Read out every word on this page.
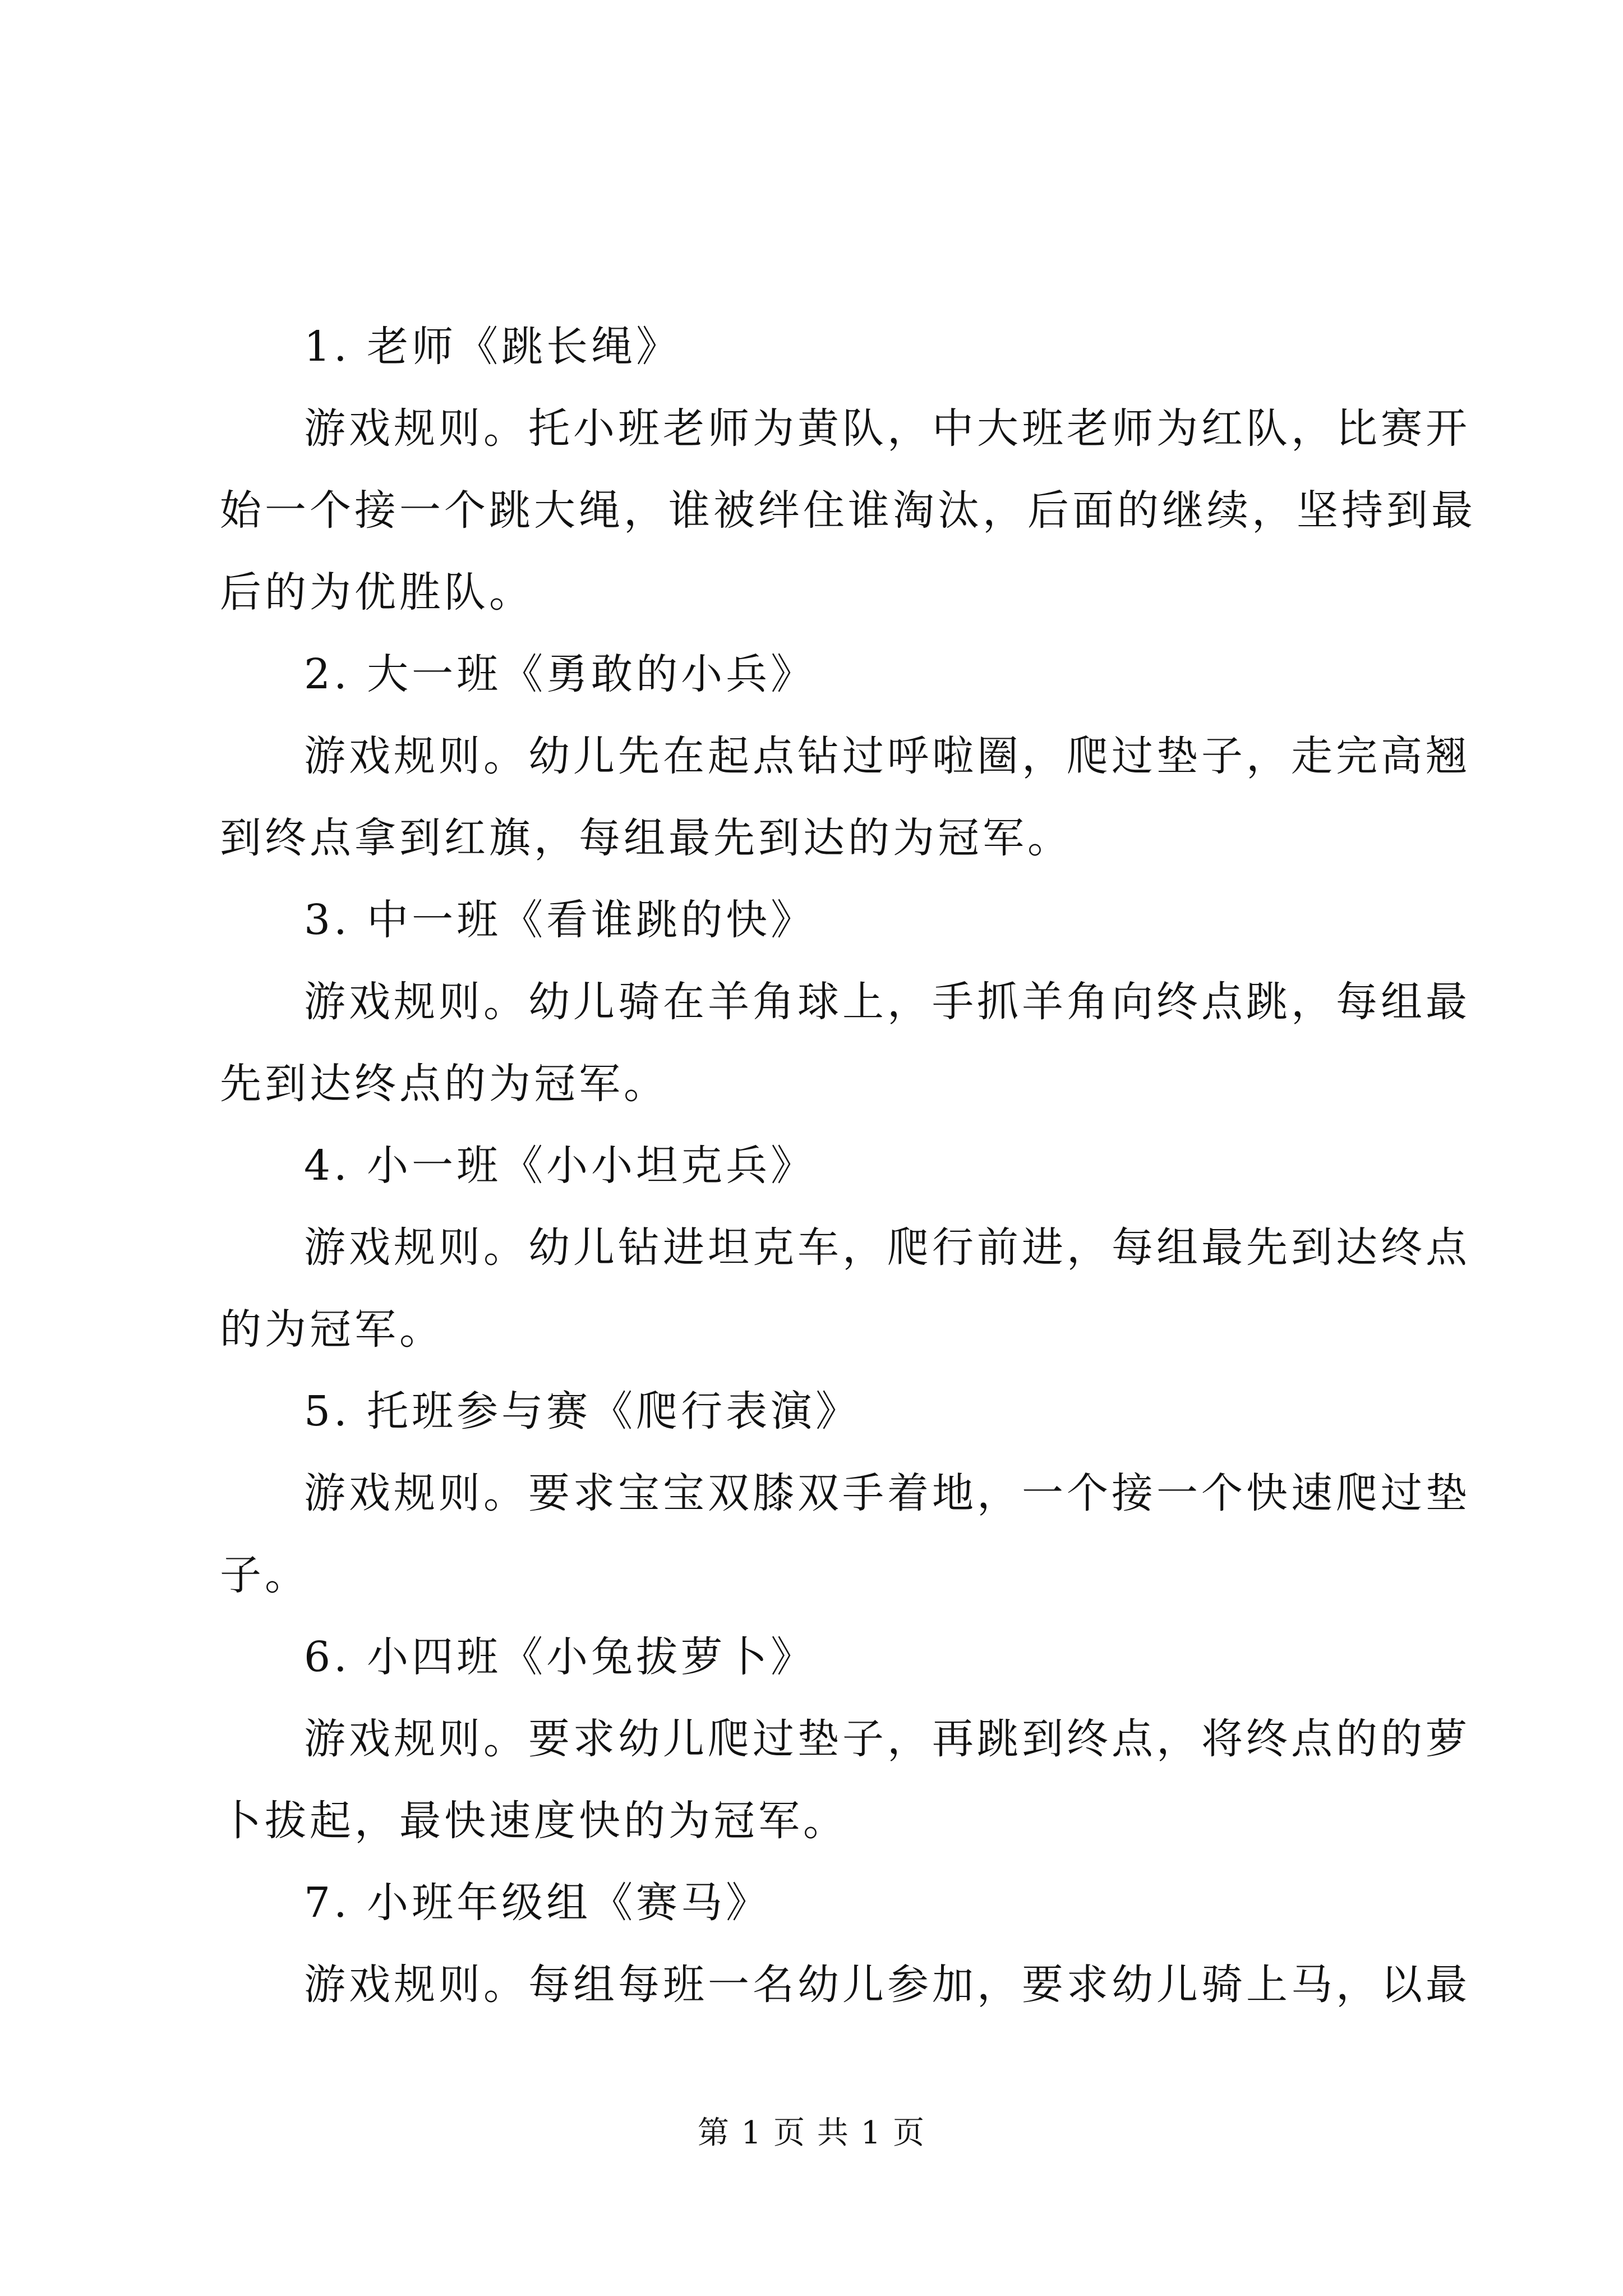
1. 老师《跳长绳》
游戏规则。托小班老师为黄队，中大班老师为红队，比赛开
始一个接一个跳大绳，谁被绊住谁淘汰，后面的继续，坚持到最
后的为优胜队。
2. 大一班《勇敢的小兵》
游戏规则。幼儿先在起点钻过呼啦圈，爬过垫子，走完高翘
到终点拿到红旗，每组最先到达的为冠军。
3. 中一班《看谁跳的快》
游戏规则。幼儿骑在羊角球上，手抓羊角向终点跳，每组最
先到达终点的为冠军。
4. 小一班《小小坦克兵》
游戏规则。幼儿钻进坦克车，爬行前进，每组最先到达终点
的为冠军。
5. 托班参与赛《爬行表演》
游戏规则。要求宝宝双膝双手着地，一个接一个快速爬过垫
子。
6. 小四班《小兔拔萝卜》
游戏规则。要求幼儿爬过垫子，再跳到终点，将终点的的萝
卜拔起，最快速度快的为冠军。
7. 小班年级组《赛马》
游戏规则。每组每班一名幼儿参加，要求幼儿骑上马，以最
第 1 页 共 1 页
